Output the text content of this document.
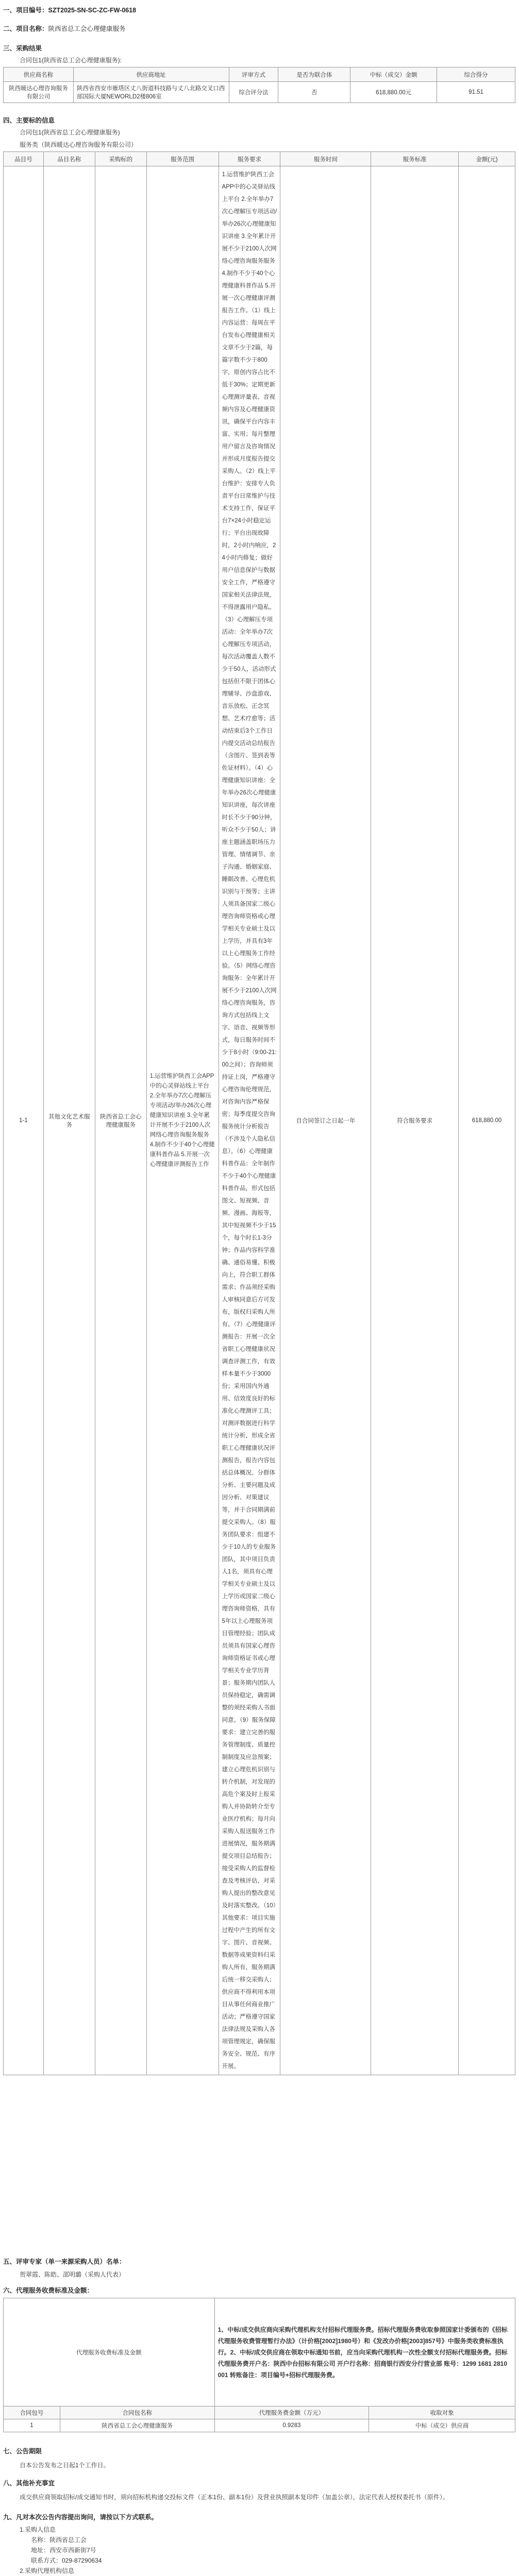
一、项目编号：SZT2025-SN-SC-ZC-FW-0618
二、项目名称：陕西省总工会心理健康服务
三、采购结果
合同包1(陕西省总工会心理健康服务):
供应商名称	供应商地址	评审方式	是否为联合体	中标（成交）金额	综合得分
陕西暖达心理咨询服务有限公司	陕西省西安市雁塔区丈八街道科技路与丈八北路交叉口西部国际大厦NEWORLD2楼806室	综合评分法	否	618,880.00元	91.51
四、主要标的信息
合同包1(陕西省总工会心理健康服务)
服务类（陕西暖达心理咨询服务有限公司）
品目号	品目名称	采购标的	服务范围	服务要求	服务时间	服务标准	金额(元)
1-1	其他文化艺术服务	陕西省总工会心理健康服务	1.运营维护陕西工会APP中的心灵驿站线上平台 2.全年举办7次心理解压专项活动/举办26次心理健康知识讲座 3.全年累计开展不少于2100人次网络心理咨询服务服务 4.制作不少于40个心理健康科普作品 5.开展一次心理健康评测报告工作	1.运营维护陕西工会APP中的心灵驿站线上平台 2.全年举办7次心理解压专项活动/举办26次心理健康知识讲座 3.全年累计开展不少于2100人次网络心理咨询服务服务 4.制作不少于40个心理健康科普作品 5.开展一次心理健康评测报告工作。（1）线上内容运营：每周在平台发布心理健康相关文章不少于2篇，每篇字数不少于800字，原创内容占比不低于30%；定期更新心理测评量表、音视频内容及心理健康资讯，确保平台内容丰富、实用；每月整理用户留言及咨询情况并形成月度报告提交采购人。（2）线上平台维护：安排专人负责平台日常维护与技术支持工作，保证平台7×24小时稳定运行；平台出现故障时，2小时内响应，24小时内修复；做好用户信息保护与数据安全工作，严格遵守国家相关法律法规，不得泄露用户隐私。（3）心理解压专项活动：全年举办7次心理解压专项活动，每次活动覆盖人数不少于50人，活动形式包括但不限于团体心理辅导、沙盘游戏、音乐放松、正念冥想、艺术疗愈等；活动结束后3个工作日内提交活动总结报告（含图片、签到表等佐证材料）。（4）心理健康知识讲座：全年举办26次心理健康知识讲座，每次讲座时长不少于90分钟，听众不少于50人；讲座主题涵盖职场压力管理、情绪调节、亲子沟通、婚姻家庭、睡眠改善、心理危机识别与干预等；主讲人须具备国家二级心理咨询师资格或心理学相关专业硕士及以上学历，并具有3年以上心理服务工作经验。（5）网络心理咨询服务：全年累计开展不少于2100人次网络心理咨询服务，咨询方式包括线上文字、语音、视频等形式，每日服务时间不少于8小时（9:00-21:00之间）；咨询师须持证上岗，严格遵守心理咨询伦理规范，对咨询内容严格保密；每季度提交咨询服务统计分析报告（不涉及个人隐私信息）。（6）心理健康科普作品：全年制作不少于40个心理健康科普作品，形式包括图文、短视频、音频、漫画、海报等，其中短视频不少于15个，每个时长1-3分钟；作品内容科学准确、通俗易懂、积极向上，符合职工群体需求；作品须经采购人审核同意后方可发布，版权归采购人所有。（7）心理健康评测报告：开展一次全省职工心理健康状况调查评测工作，有效样本量不少于3000份；采用国内外通用、信效度良好的标准化心理测评工具；对测评数据进行科学统计分析，形成全省职工心理健康状况评测报告，报告内容包括总体概况、分群体分析、主要问题及成因分析、对策建议等，并于合同期满前提交采购人。（8）服务团队要求：组建不少于10人的专业服务团队，其中项目负责人1名，须具有心理学相关专业硕士及以上学历或国家二级心理咨询师资格，具有5年以上心理服务项目管理经验；团队成员须具有国家心理咨询师资格证书或心理学相关专业学历背景；服务期内团队人员保持稳定，确需调整的须经采购人书面同意。（9）服务保障要求：建立完善的服务管理制度、质量控制制度及应急预案；建立心理危机识别与转介机制，对发现的高危个案及时上报采购人并协助转介至专业医疗机构；每月向采购人报送服务工作进展情况，服务期满提交项目总结报告；接受采购人的监督检查及考核评估，对采购人提出的整改意见及时落实整改。（10）其他要求：项目实施过程中产生的所有文字、图片、音视频、数据等成果资料归采购人所有，服务期满后统一移交采购人；供应商不得利用本项目从事任何商业推广活动；严格遵守国家法律法规及采购人各项管理规定，确保服务安全、规范、有序开展。	自合同签订之日起一年	符合服务要求	618,880.00
五、评审专家（单一来源采购人员）名单：
贺翠霞、陈皓、邵明璐（采购人代表）
六、代理服务收费标准及金额：
代理服务收费标准及金额		1、中标/成交供应商向采购代理机构支付招标代理服务费。招标代理服务费收取参照国家计委颁布的《招标代理服务收费管理暂行办法》（计价格[2002]1980号）和《发改办价格[2003]857号》中服务类收费标准执行。2、中标/成交供应商在领取中标通知书前，应当向采购代理机构一次性全额支付招标代理服务费。招标代理服务费开户名：陕西中台招标有限公司 开户行名称：招商银行西安分行营业部 账号：1299 1681 2810 001 转账备注：项目编号+招标代理服务费。	
合同包号	合同包名称	代理服务费金额（万元）	收取对象
1	陕西省总工会心理健康服务	0.9283	中标（成交）供应商
七、公告期限
自本公告发布之日起1个工作日。
八、其他补充事宜
成交供应商领取招标/成交通知书时，须向招标机构递交投标文件（正本1份、副本1份）及营业执照副本复印件（加盖公章），法定代表人授权委托书（原件）。
九、凡对本次公告内容提出询问，请按以下方式联系。

1.采购人信息

名称：陕西省总工会

地址：西安市西新街7号

联系方式：029-87290634

2.采购代理机构信息
